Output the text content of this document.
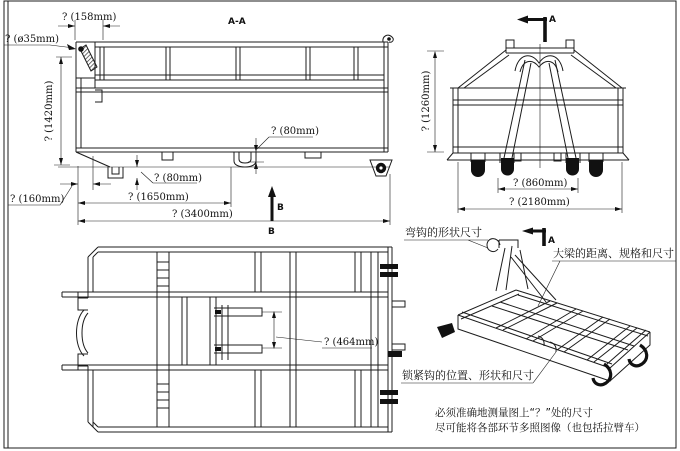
? (158mm)
? (ø35mm)
? (1420mm)
? (160mm)
? (80mm)
? (80mm)
? (1650mm)
? (3400mm)
B
B
A-A	A
? (1260mm)
? (860mm)
? (2180mm)
? (464mm)
A
弯钩的形状尺寸
大梁的距离、规格和尺寸
锁紧钩的位置、形状和尺寸
必须准确地测量图上“？”处的尺寸
尽可能将各部环节多照图像（也包括拉臂车）
